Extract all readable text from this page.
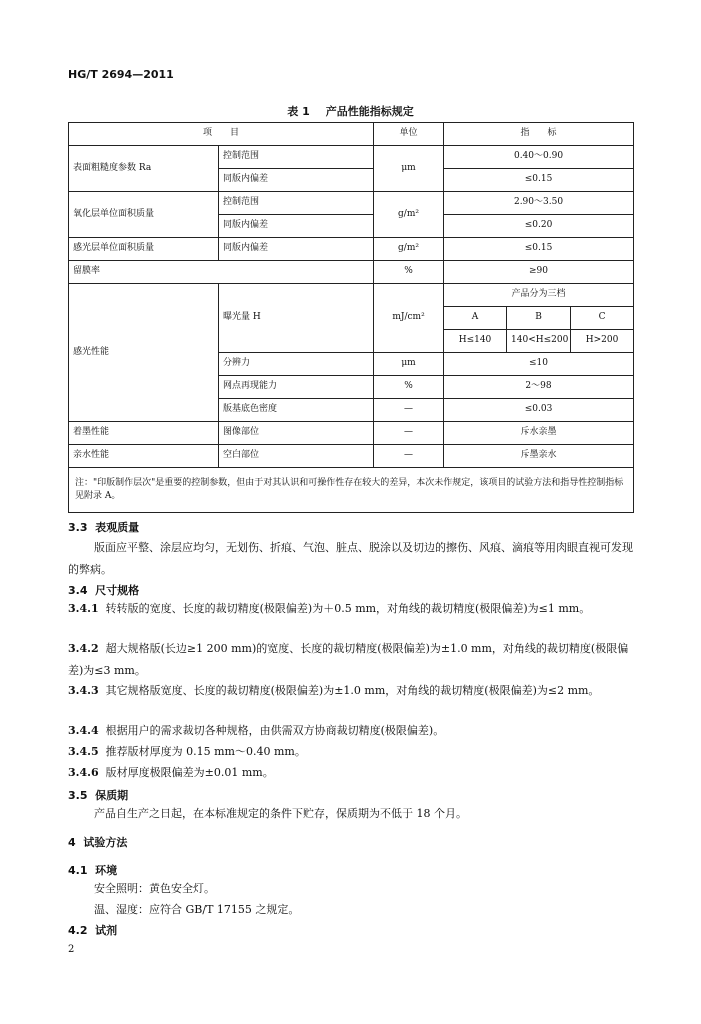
HG/T 2694—2011
表 1 产品性能指标规定
项　　目		单位	指　　标		
表面粗糙度参数 Ra	控制范围	μm	0.40～0.90		
	同版内偏差		≤0.15		
氧化层单位面积质量	控制范围	g/m²	2.90～3.50		
	同版内偏差		≤0.20		
感光层单位面积质量	同版内偏差	g/m²	≤0.15		
留膜率		%	≥90		
感光性能	曝光量 H	mJ/cm²	产品分为三档		
			A	B	C
			H≤140	140<H≤200	H>200
	分辨力	μm	≤10		
	网点再现能力	%	2～98		
	版基底色密度	—	≤0.03		
着墨性能	图像部位	—	斥水亲墨		
亲水性能	空白部位	—	斥墨亲水		
注："印版制作层次"是重要的控制参数，但由于对其认识和可操作性存在较大的差异，本次未作规定，该项目的试验方法和指导性控制指标见附录 A。					
3.3 表观质量
版面应平整、涂层应均匀，无划伤、折痕、气泡、脏点、脱涂以及切边的擦伤、风痕、滴痕等用肉眼直视可发现的弊病。
3.4 尺寸规格
3.4.1 转转版的宽度、长度的裁切精度(极限偏差)为＋0.5 mm，对角线的裁切精度(极限偏差)为≤1 mm。
3.4.2 超大规格版(长边≥1 200 mm)的宽度、长度的裁切精度(极限偏差)为±1.0 mm，对角线的裁切精度(极限偏差)为≤3 mm。
3.4.3 其它规格版宽度、长度的裁切精度(极限偏差)为±1.0 mm，对角线的裁切精度(极限偏差)为≤2 mm。
3.4.4 根据用户的需求裁切各种规格，由供需双方协商裁切精度(极限偏差)。
3.4.5 推荐版材厚度为 0.15 mm～0.40 mm。
3.4.6 版材厚度极限偏差为±0.01 mm。
3.5 保质期
产品自生产之日起，在本标准规定的条件下贮存，保质期为不低于 18 个月。
4 试验方法
4.1 环境
安全照明：黄色安全灯。
温、湿度：应符合 GB/T 17155 之规定。
4.2 试剂
2
